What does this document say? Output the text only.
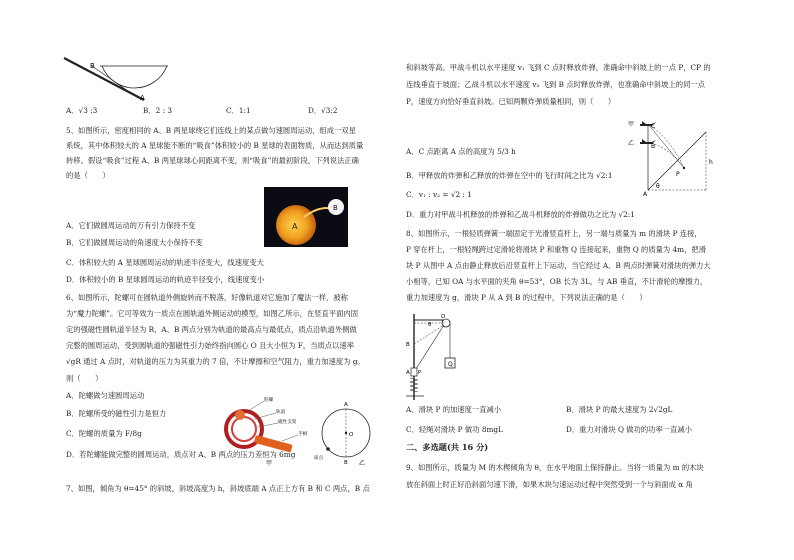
B
A
A．√3 :3	B．2 : 3	C．1:1	D．√3:2
5、如图所示，密度相同的 A、B 两星球绕它们连线上的某点做匀速圆周运动，组成一双星
系统，其中体积较大的 A 星球能不断的“吸食”体积较小的 B 星球的表面物质，从而达到质量
转移。假设“吸食”过程 A、B 两星球球心间距离不变，则“吸食”的最初阶段，下列说法正确
的是（　　）
A
B
A．它们做圆周运动的万有引力保持不变
B．它们做圆周运动的角速度大小保持不变
C．体积较大的 A 星球圆周运动的轨迹半径变大，线速度变大
D．体积较小的 B 星球圆周运动的轨迹半径变小，线速度变小
6、如图所示，陀螺可在圆轨道外侧旋转而不脱落，好像轨道对它施加了魔法一样，被称
为“魔力陀螺”。它可等效为一质点在圆轨道外侧运动的模型，如图乙所示，在竖直平面内固
定的强磁性圆轨道半径为 R，A、B 两点分别为轨道的最高点与最低点，质点沿轨道外侧做
完整的圆周运动，受到圆轨道的强磁性引力始终指向圆心 O 且大小恒为 F，当质点以速率
√gR 通过 A 点时，对轨道的压力为其重力的 7 倍，不计摩擦和空气阻力，重力加速度为 g。
则（　　）
A．陀螺做匀速圆周运动
B．陀螺所受的磁性引力是恒力
C．陀螺的质量为 F/8g
D．若陀螺能做完整的圆周运动，质点对 A、B 两点的压力差恒为 6mg
陀螺
轨道
磁性支架
手柄
甲
A
B
O
质点
乙
7、如图，倾角为 θ=45° 的斜坡，斜坡高度为 h，斜坡底端 A 点正上方有 B 和 C 两点，B 点
和斜坡等高。甲战斗机以水平速度 v₁ 飞到 C 点时释放炸弹，准确命中斜坡上的一点 P，CP 的
连线垂直于坡面；乙战斗机以水平速度 v₂ 飞到 B 点时释放炸弹，也准确命中斜坡上的同一点
P，速度方向恰好垂直斜坡。已知两颗炸弹质量相同，则（　　）
甲
乙
C
B
P
A
h
θ
A．C 点距离 A 点的高度为 5/3 h
B．甲释放的炸弹和乙释放的炸弹在空中的飞行时间之比为 √2:1
C．v₁ : v₂ = √2 : 1
D．重力对甲战斗机释放的炸弹和乙战斗机释放的炸弹做功之比为 √2:1
8、如图所示，一根轻质弹簧一端固定于光滑竖直杆上，另一端与质量为 m 的滑块 P 连接，
P 穿在杆上，一根轻绳跨过定滑轮将滑块 P 和重物 Q 连接起来，重物 Q 的质量为 4m，把滑
块 P 从图中 A 点由静止释放后沿竖直杆上下运动，当它经过 A、B 两点时弹簧对滑块的弹力大
小相等，已知 OA 与水平面的夹角 θ=53°，OB 长为 3L，与 AB 垂直，不计滑轮的摩擦力，
重力加速度为 g，滑块 P 从 A 到 B 的过程中，下列说法正确的是（　　）
θ
O
Q
B
A P
A．滑块 P 的加速度一直减小	B．滑块 P 的最大速度为 2√2gL
C．轻绳对滑块 P 做功 8mgL	D．重力对滑块 Q 做功的功率一直减小
二、多选题(共 16 分)
9、如图所示，质量为 M 的木楔倾角为 θ，在水平地面上保持静止。当将一质量为 m 的木块
放在斜面上时正好沿斜面匀速下滑，如果木块匀速运动过程中突然受到一个与斜面成 α 角
